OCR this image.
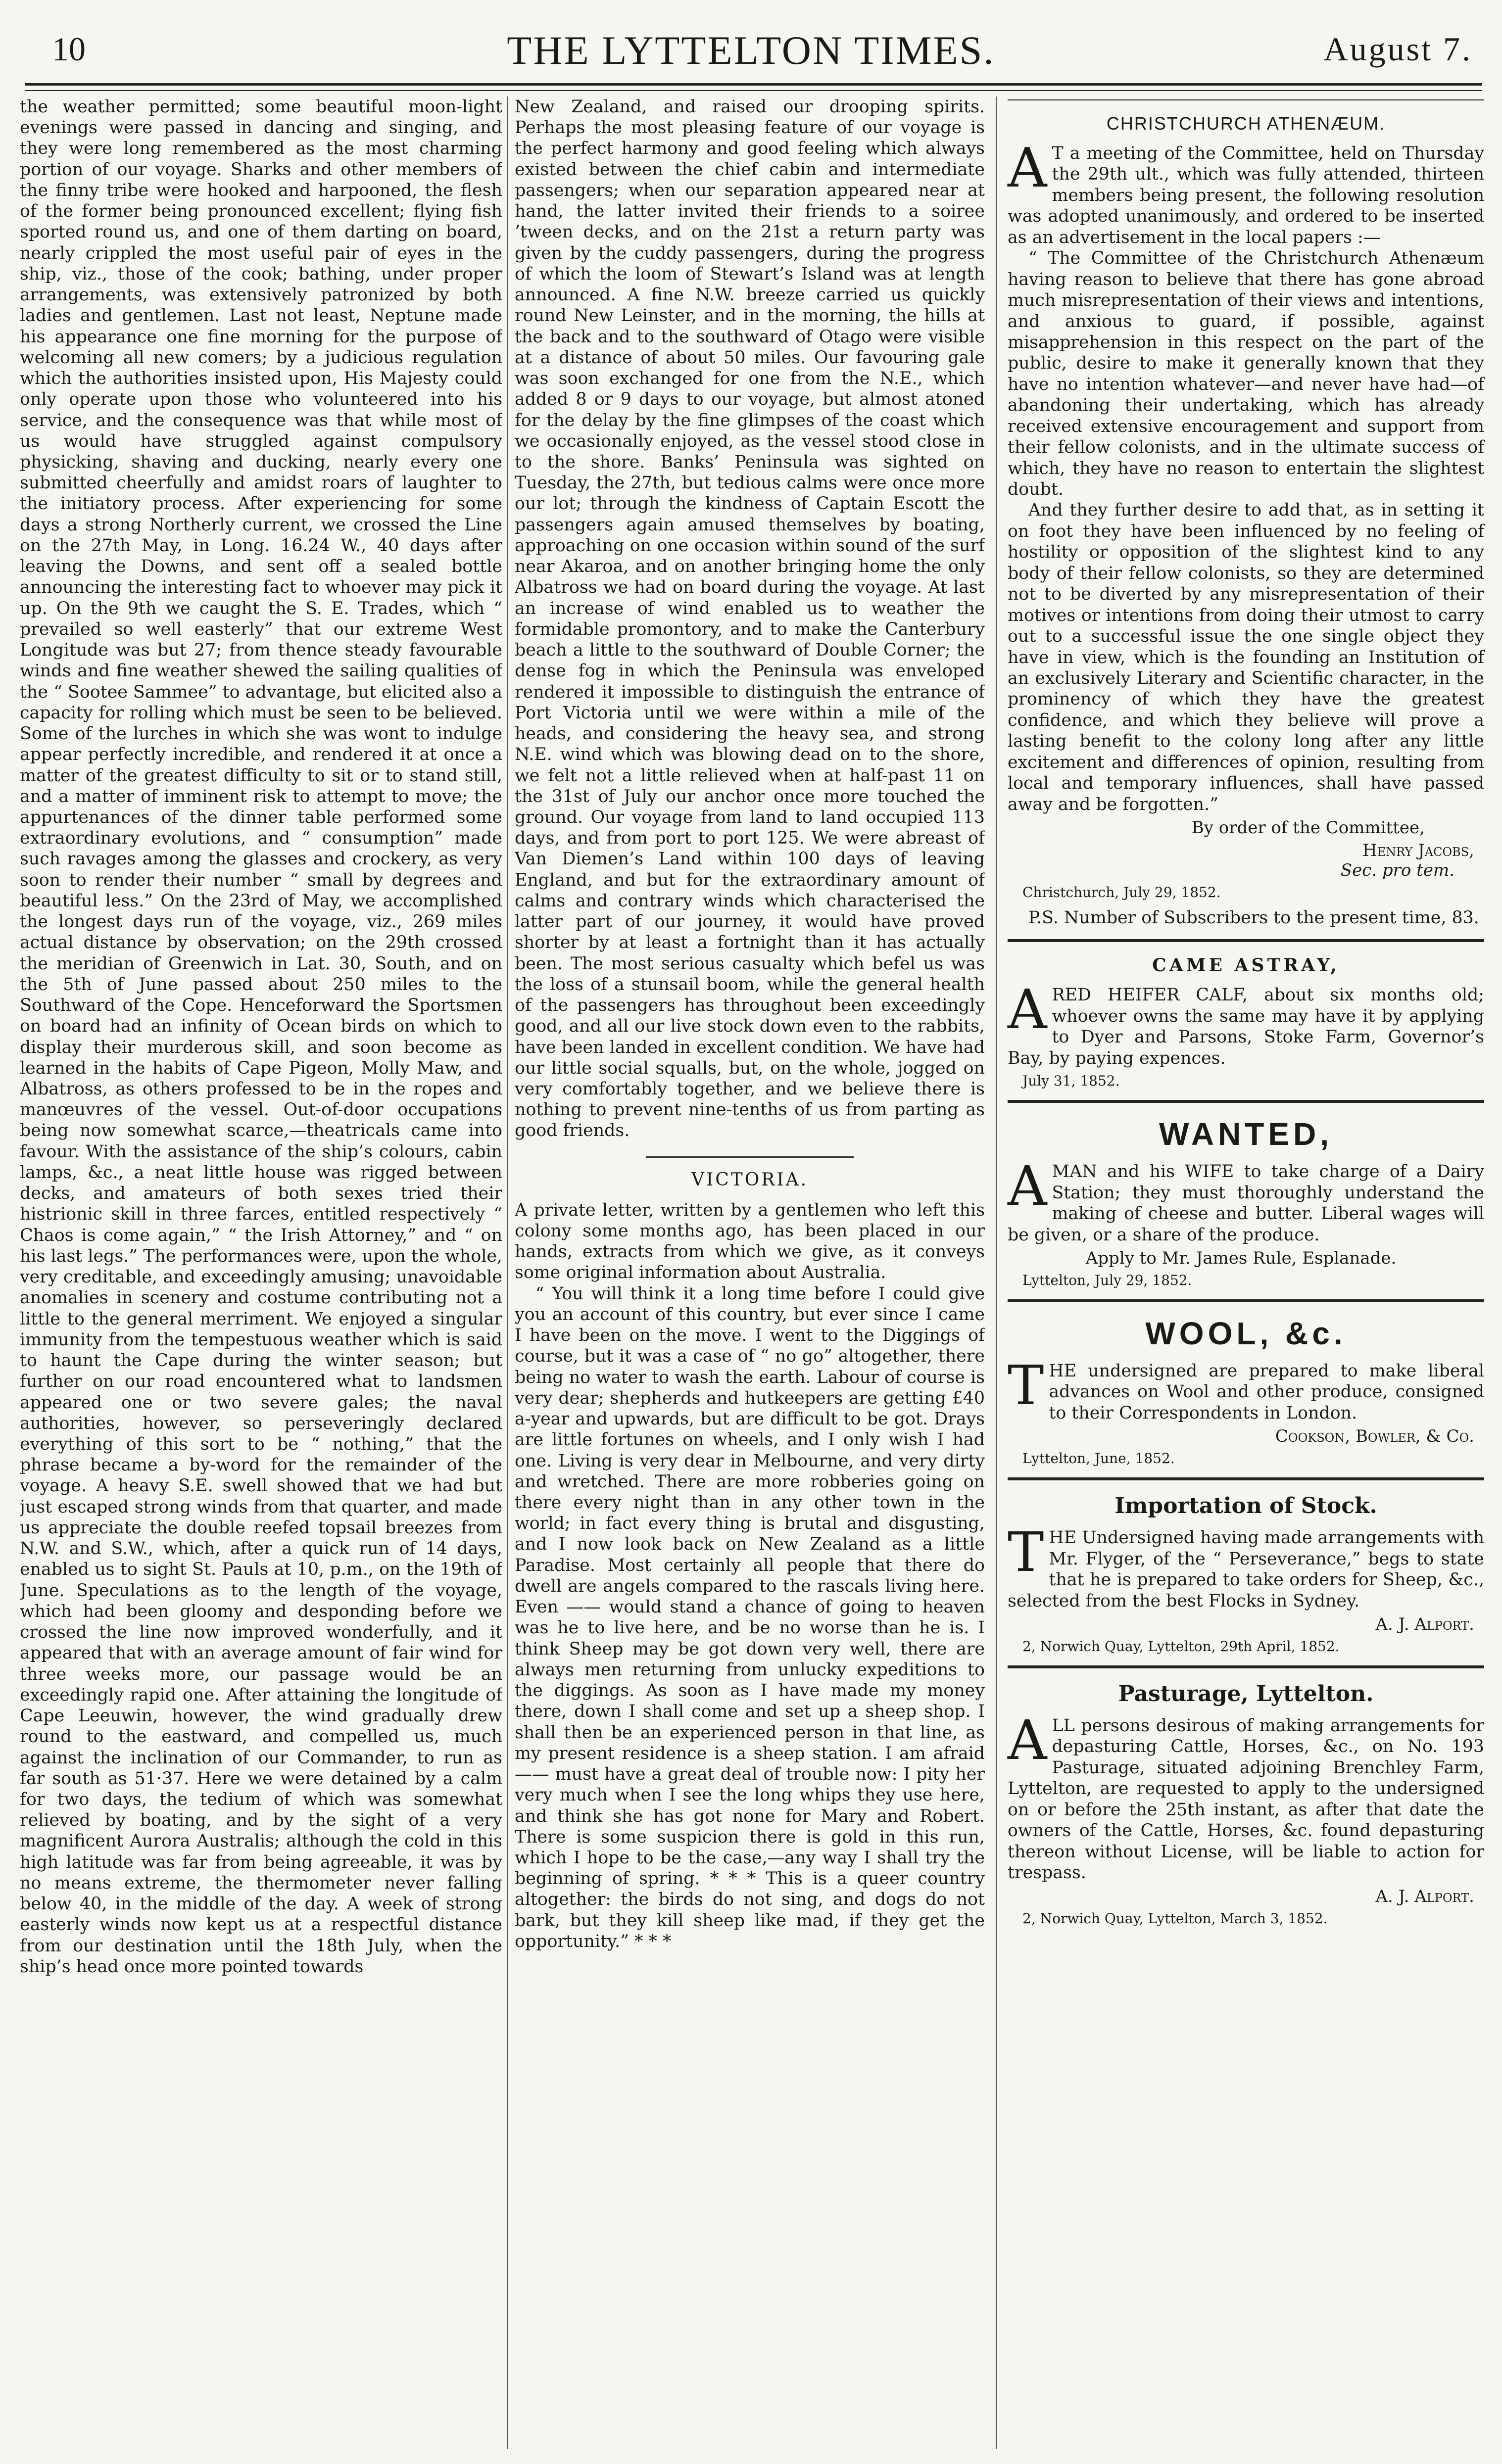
10	THE LYTTELTON TIMES.	August 7.

the weather permitted; some beautiful moon-light evenings were passed in dancing and singing, and they were long remembered as the most charming portion of our voyage. Sharks and other members of the finny tribe were hooked and harpooned, the flesh of the former being pronounced excellent; flying fish sported round us, and one of them darting on board, nearly crippled the most useful pair of eyes in the ship, viz., those of the cook; bathing, under proper arrangements, was extensively patronized by both ladies and gentlemen. Last not least, Neptune made his appearance one fine morning for the purpose of welcoming all new comers; by a judicious regulation which the authorities insisted upon, His Majesty could only operate upon those who volunteered into his service, and the consequence was that while most of us would have struggled against compulsory physicking, shaving and ducking, nearly every one submitted cheerfully and amidst roars of laughter to the initiatory process. After experiencing for some days a strong Northerly current, we crossed the Line on the 27th May, in Long. 16.24 W., 40 days after leaving the Downs, and sent off a sealed bottle announcing the interesting fact to whoever may pick it up. On the 9th we caught the S. E. Trades, which “ prevailed so well easterly” that our extreme West Longitude was but 27; from thence steady favourable winds and fine weather shewed the sailing qualities of the “ Sootee Sammee” to advantage, but elicited also a capacity for rolling which must be seen to be believed. Some of the lurches in which she was wont to indulge appear perfectly incredible, and rendered it at once a matter of the greatest difficulty to sit or to stand still, and a matter of imminent risk to attempt to move; the appurtenances of the dinner table performed some extraordinary evolutions, and “ consumption” made such ravages among the glasses and crockery, as very soon to render their number “ small by degrees and beautiful less.” On the 23rd of May, we accomplished the longest days run of the voyage, viz., 269 miles actual distance by observation; on the 29th crossed the meridian of Greenwich in Lat. 30, South, and on the 5th of June passed about 250 miles to the Southward of the Cope. Henceforward the Sportsmen on board had an infinity of Ocean birds on which to display their murderous skill, and soon become as learned in the habits of Cape Pigeon, Molly Maw, and Albatross, as others professed to be in the ropes and manœuvres of the vessel. Out-of-door occupations being now somewhat scarce,—theatricals came into favour. With the assistance of the ship’s colours, cabin lamps, &c., a neat little house was rigged between decks, and amateurs of both sexes tried their histrionic skill in three farces, entitled respectively “ Chaos is come again,” “ the Irish Attorney,” and “ on his last legs.” The performances were, upon the whole, very creditable, and exceedingly amusing; unavoidable anomalies in scenery and costume contributing not a little to the general merriment. We enjoyed a singular immunity from the tempestuous weather which is said to haunt the Cape during the winter season; but further on our road encountered what to landsmen appeared one or two severe gales; the naval authorities, however, so perseveringly declared everything of this sort to be “ nothing,” that the phrase became a by-word for the remainder of the voyage. A heavy S.E. swell showed that we had but just escaped strong winds from that quarter, and made us appreciate the double reefed topsail breezes from N.W. and S.W., which, after a quick run of 14 days, enabled us to sight St. Pauls at 10, p.m., on the 19th of June. Speculations as to the length of the voyage, which had been gloomy and desponding before we crossed the line now improved wonderfully, and it appeared that with an average amount of fair wind for three weeks more, our passage would be an exceedingly rapid one. After attaining the longitude of Cape Leeuwin, however, the wind gradually drew round to the eastward, and compelled us, much against the inclination of our Commander, to run as far south as 51·37. Here we were detained by a calm for two days, the tedium of which was somewhat relieved by boating, and by the sight of a very magnificent Aurora Australis; although the cold in this high latitude was far from being agreeable, it was by no means extreme, the thermometer never falling below 40, in the middle of the day. A week of strong easterly winds now kept us at a respectful distance from our destination until the 18th July, when the ship’s head once more pointed towards

New Zealand, and raised our drooping spirits. Perhaps the most pleasing feature of our voyage is the perfect harmony and good feeling which always existed between the chief cabin and intermediate passengers; when our separation appeared near at hand, the latter invited their friends to a soiree ’tween decks, and on the 21st a return party was given by the cuddy passengers, during the progress of which the loom of Stewart’s Island was at length announced. A fine N.W. breeze carried us quickly round New Leinster, and in the morning, the hills at the back and to the southward of Otago were visible at a distance of about 50 miles. Our favouring gale was soon exchanged for one from the N.E., which added 8 or 9 days to our voyage, but almost atoned for the delay by the fine glimpses of the coast which we occasionally enjoyed, as the vessel stood close in to the shore. Banks’ Peninsula was sighted on Tuesday, the 27th, but tedious calms were once more our lot; through the kindness of Captain Escott the passengers again amused themselves by boating, approaching on one occasion within sound of the surf near Akaroa, and on another bringing home the only Albatross we had on board during the voyage. At last an increase of wind enabled us to weather the formidable promontory, and to make the Canterbury beach a little to the southward of Double Corner; the dense fog in which the Peninsula was enveloped rendered it impossible to distinguish the entrance of Port Victoria until we were within a mile of the heads, and considering the heavy sea, and strong N.E. wind which was blowing dead on to the shore, we felt not a little relieved when at half-past 11 on the 31st of July our anchor once more touched the ground. Our voyage from land to land occupied 113 days, and from port to port 125. We were abreast of Van Diemen’s Land within 100 days of leaving England, and but for the extraordinary amount of calms and contrary winds which characterised the latter part of our journey, it would have proved shorter by at least a fortnight than it has actually been. The most serious casualty which befel us was the loss of a stunsail boom, while the general health of the passengers has throughout been exceedingly good, and all our live stock down even to the rabbits, have been landed in excellent condition. We have had our little social squalls, but, on the whole, jogged on very comfortably together, and we believe there is nothing to prevent nine-tenths of us from parting as good friends.

VICTORIA.

A private letter, written by a gentlemen who left this colony some months ago, has been placed in our hands, extracts from which we give, as it conveys some original information about Australia.

“ You will think it a long time before I could give you an account of this country, but ever since I came I have been on the move. I went to the Diggings of course, but it was a case of “ no go” altogether, there being no water to wash the earth. Labour of course is very dear; shepherds and hutkeepers are getting £40 a-year and upwards, but are difficult to be got. Drays are little fortunes on wheels, and I only wish I had one. Living is very dear in Melbourne, and very dirty and wretched. There are more robberies going on there every night than in any other town in the world; in fact every thing is brutal and disgusting, and I now look back on New Zealand as a little Paradise. Most certainly all people that there do dwell are angels compared to the rascals living here. Even —— would stand a chance of going to heaven was he to live here, and be no worse than he is. I think Sheep may be got down very well, there are always men returning from unlucky expeditions to the diggings. As soon as I have made my money there, down I shall come and set up a sheep shop. I shall then be an experienced person in that line, as my present residence is a sheep station. I am afraid —— must have a great deal of trouble now: I pity her very much when I see the long whips they use here, and think she has got none for Mary and Robert. There is some suspicion there is gold in this run, which I hope to be the case,—any way I shall try the beginning of spring. * * * This is a queer country altogether: the birds do not sing, and dogs do not bark, but they kill sheep like mad, if they get the opportunity.” * * *

CHRISTCHURCH ATHENÆUM.

A T a meeting of the Committee, held on Thursday the 29th ult., which was fully attended, thirteen members being present, the following resolution was adopted unanimously, and ordered to be inserted as an advertisement in the local papers :—

“ The Committee of the Christchurch Athenæum having reason to believe that there has gone abroad much misrepresentation of their views and intentions, and anxious to guard, if possible, against misapprehension in this respect on the part of the public, desire to make it generally known that they have no intention whatever—and never have had—of abandoning their undertaking, which has already received extensive encouragement and support from their fellow colonists, and in the ultimate success of which, they have no reason to entertain the slightest doubt.

And they further desire to add that, as in setting it on foot they have been influenced by no feeling of hostility or opposition of the slightest kind to any body of their fellow colonists, so they are determined not to be diverted by any misrepresentation of their motives or intentions from doing their utmost to carry out to a successful issue the one single object they have in view, which is the founding an Institution of an exclusively Literary and Scientific character, in the prominency of which they have the greatest confidence, and which they believe will prove a lasting benefit to the colony long after any little excitement and differences of opinion, resulting from local and temporary influences, shall have passed away and be forgotten.”

By order of the Committee,
Henry Jacobs,
Sec. pro tem.
Christchurch, July 29, 1852.

P.S. Number of Subscribers to the present time, 83.

CAME ASTRAY,

ARED HEIFER CALF, about six months old; whoever owns the same may have it by applying to Dyer and Parsons, Stoke Farm, Governor’s Bay, by paying expences.

July 31, 1852.
WANTED,

AMAN and his WIFE to take charge of a Dairy Station; they must thoroughly understand the making of cheese and butter. Liberal wages will be given, or a share of the produce.

Apply to Mr. James Rule, Esplanade.
Lyttelton, July 29, 1852.
WOOL, &c.

THE undersigned are prepared to make liberal advances on Wool and other produce, consigned to their Correspondents in London.

Cookson, Bowler, & Co.
Lyttelton, June, 1852.
Importation of Stock.

THE Undersigned having made arrangements with Mr. Flyger, of the “ Perseverance,” begs to state that he is prepared to take orders for Sheep, &c., selected from the best Flocks in Sydney.

A. J. Alport.
2, Norwich Quay, Lyttelton, 29th April, 1852.
Pasturage, Lyttelton.

ALL persons desirous of making arrangements for depasturing Cattle, Horses, &c., on No. 193 Pasturage, situated adjoining Brenchley Farm, Lyttelton, are requested to apply to the undersigned on or before the 25th instant, as after that date the owners of the Cattle, Horses, &c. found depasturing thereon without License, will be liable to action for trespass.

A. J. Alport.
2, Norwich Quay, Lyttelton, March 3, 1852.
